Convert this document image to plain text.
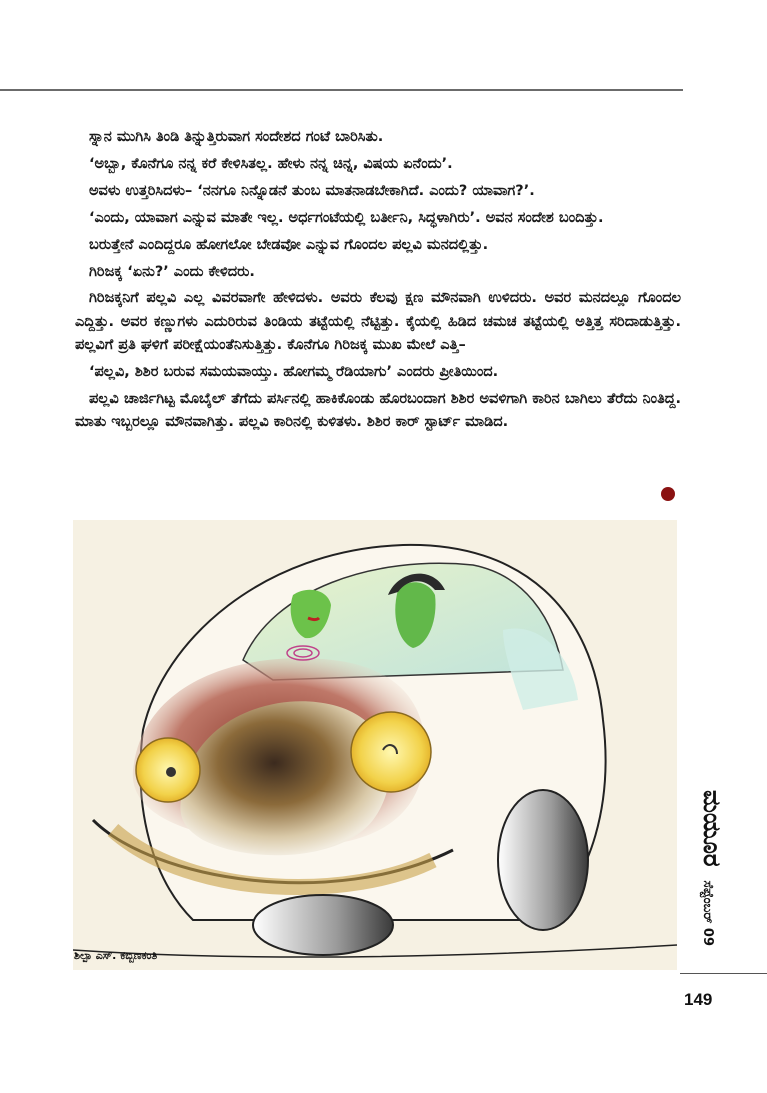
ಸ್ನಾನ ಮುಗಿಸಿ ತಿಂಡಿ ತಿನ್ನುತ್ತಿರುವಾಗ ಸಂದೇಶದ ಗಂಟೆ ಬಾರಿಸಿತು.

‘ಅಬ್ಬಾ, ಕೊನೆಗೂ ನನ್ನ ಕರೆ ಕೇಳಿಸಿತಲ್ಲ. ಹೇಳು ನನ್ನ ಚಿನ್ನ, ವಿಷಯ ಏನೆಂದು’.

ಅವಳು ಉತ್ತರಿಸಿದಳು– ‘ನನಗೂ ನಿನ್ನೊಡನೆ ತುಂಬ ಮಾತನಾಡಬೇಕಾಗಿದೆ. ಎಂದು? ಯಾವಾಗ?’.

‘ಎಂದು, ಯಾವಾಗ ಎನ್ನುವ ಮಾತೇ ಇಲ್ಲ. ಅರ್ಧಗಂಟೆಯಲ್ಲಿ ಬರ್ತೀನಿ, ಸಿದ್ಧಳಾಗಿರು’. ಅವನ ಸಂದೇಶ ಬಂದಿತ್ತು.

ಬರುತ್ತೇನೆ ಎಂದಿದ್ದರೂ ಹೋಗಲೋ ಬೇಡವೋ ಎನ್ನುವ ಗೊಂದಲ ಪಲ್ಲವಿ ಮನದಲ್ಲಿತ್ತು.

ಗಿರಿಜಕ್ಕ ‘ಏನು?’ ಎಂದು ಕೇಳಿದರು.

ಗಿರಿಜಕ್ಕನಿಗೆ ಪಲ್ಲವಿ ಎಲ್ಲ ವಿವರವಾಗೇ ಹೇಳಿದಳು. ಅವರು ಕೆಲವು ಕ್ಷಣ ಮೌನವಾಗಿ ಉಳಿದರು. ಅವರ ಮನದಲ್ಲೂ ಗೊಂದಲ ಎದ್ದಿತ್ತು. ಅವರ ಕಣ್ಣುಗಳು ಎದುರಿರುವ ತಿಂಡಿಯ ತಟ್ಟೆಯಲ್ಲಿ ನೆಟ್ಟಿತ್ತು. ಕೈಯಲ್ಲಿ ಹಿಡಿದ ಚಮಚ ತಟ್ಟೆಯಲ್ಲಿ ಅತ್ತಿತ್ತ ಸರಿದಾಡುತ್ತಿತ್ತು. ಪಲ್ಲವಿಗೆ ಪ್ರತಿ ಘಳಿಗೆ ಪರೀಕ್ಷೆಯಂತೆನಿಸುತ್ತಿತ್ತು. ಕೊನೆಗೂ ಗಿರಿಜಕ್ಕ ಮುಖ ಮೇಲೆ ಎತ್ತಿ–

‘ಪಲ್ಲವಿ, ಶಿಶಿರ ಬರುವ ಸಮಯವಾಯ್ತು. ಹೋಗಮ್ಮ ರೆಡಿಯಾಗು’ ಎಂದರು ಪ್ರೀತಿಯಿಂದ.

ಪಲ್ಲವಿ ಚಾರ್ಜಿಗಿಟ್ಟ ಮೊಬೈಲ್ ತೆಗೆದು ಪರ್ಸಿನಲ್ಲಿ ಹಾಕಿಕೊಂಡು ಹೊರಬಂದಾಗ ಶಿಶಿರ ಅವಳಿಗಾಗಿ ಕಾರಿನ ಬಾಗಿಲು ತೆರೆದು ನಿಂತಿದ್ದ. ಮಾತು ಇಬ್ಬರಲ್ಲೂ ಮೌನವಾಗಿತ್ತು. ಪಲ್ಲವಿ ಕಾರಿನಲ್ಲಿ ಕುಳಿತಳು. ಶಿಶಿರ ಕಾರ್ ಸ್ಟಾರ್ಟ್ ಮಾಡಿದ.

ಶಿಲ್ಪಾ ಎಸ್. ಕಬ್ಬಿಣಕಂತಿ
ಮಯೂರ
ಸೆಪ್ಟೆಂಬರ್ 09
149
